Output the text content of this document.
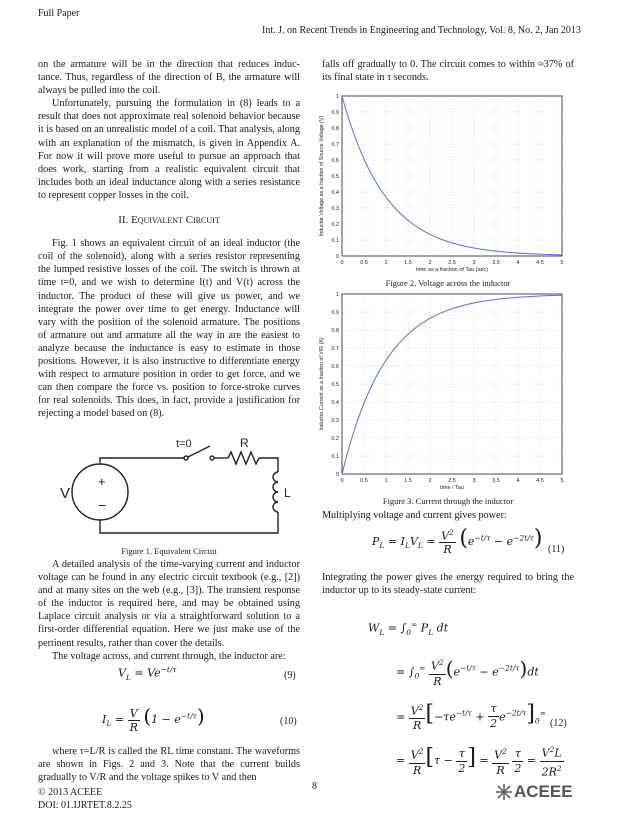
Full Paper
Int. J. on Recent Trends in Engineering and Technology, Vol. 8, No. 2, Jan 2013

on the armature will be in the direction that reduces induc-tance. Thus, regardless of the direction of B, the armature will always be pulled into the coil.

Unfortunately, pursuing the formulation in (8) leads to a result that does not approximate real solenoid behavior because it is based on an unrealistic model of a coil. That analysis, along with an explanation of the mismatch, is given in Appendix A. For now it will prove more useful to pursue an approach that does work, starting from a realistic equivalent circuit that includes both an ideal inductance along with a series resistance to represent copper losses in the coil.

II. Equivalent Circuit

Fig. 1 shows an equivalent circuit of an ideal inductor (the coil of the solenoid), along with a series resistor representing the lumped resistive losses of the coil. The switch is thrown at time t=0, and we wish to determine I(t) and V(t) across the inductor. The product of these will give us power, and we integrate the power over time to get energy. Inductance will vary with the position of the solenoid armature. The positions of armature out and armature all the way in are the easiest to analyze because the inductance is easy to estimate in those positions. However, it is also instructive to differentiate energy with respect to armature position in order to get force, and we can then compare the force vs. position to force-stroke curves for real solenoids. This does, in fact, provide a justification for rejecting a model based on (8).

t=0	R
+
−
V	L
Figure 1. Equivalent Circuit

A detailed analysis of the time-varying current and inductor voltage can be found in any electric circuit textbook (e.g., [2]) and at many sites on the web (e.g., [3]). The transient response of the inductor is required here, and may be obtained using Laplace circuit analysis or via a straightforward solution to a first-order differential equation. Here we just make use of the pertinent results, rather than cover the details.

The voltage across, and current through, the inductor are:

$V_L = Ve^{-t/\tau}$
(9)
$I_L = \frac{V}{R} (1 - e^{-t/\tau})$	(10)

where τ=L/R is called the RL time constant. The waveforms are shown in Figs. 2 and 3. Note that the current builds gradually to V/R and the voltage spikes to V and then

falls off gradually to 0. The circuit comes to within ≈37% of its final state in τ seconds.
0	0.5	1	1.5	2	2.5	3	3.5	4	4.5	5
0
0.1
0.2
0.3
0.4
0.5
0.6
0.7
0.8
0.9
1
time as a fraction of Tau (sec)
Inductor Voltage as a fraction of Source Voltage (V)
Figure 2. Voltage across the inductor
0	0.5	1	1.5	2	2.5	3	3.5	4	4.5	5
0
0.1
0.2
0.3
0.4
0.5
0.6
0.7
0.8
0.9
1
time / Tau
Inductor Current as a fraction of V/R (A)
Figure 3. Current through the inductor
Multiplying voltage and current gives power:
$P_L = I_LV_L = \frac{V^2}{R} (e^{-t/\tau} - e^{-2t/\tau})$ (11)
Integrating the power gives the energy required to bring the inductor up to its steady-state current:
$W_L = \int_0^\infty$ $P_L$ dt
= $\int_0^\infty \frac{V^2}{R} (e^{-t/\tau} - e^{-2t/\tau})dt$
= $\frac{V^2}{R} [-\tau e^{-t/\tau} + \frac{\tau}{2} e^{-2t/\tau}]_0^\infty$
= $\frac{V^2}{R} [\tau - \frac{\tau}{2}$ ] = $\frac{V^2}{R}$
$\frac{\tau}{2} = \frac{V^2L}{2R^2}$
(12)
8
© 2013 ACEEE
DOI: 01.IJRTET.8.2.25
ACEEE
